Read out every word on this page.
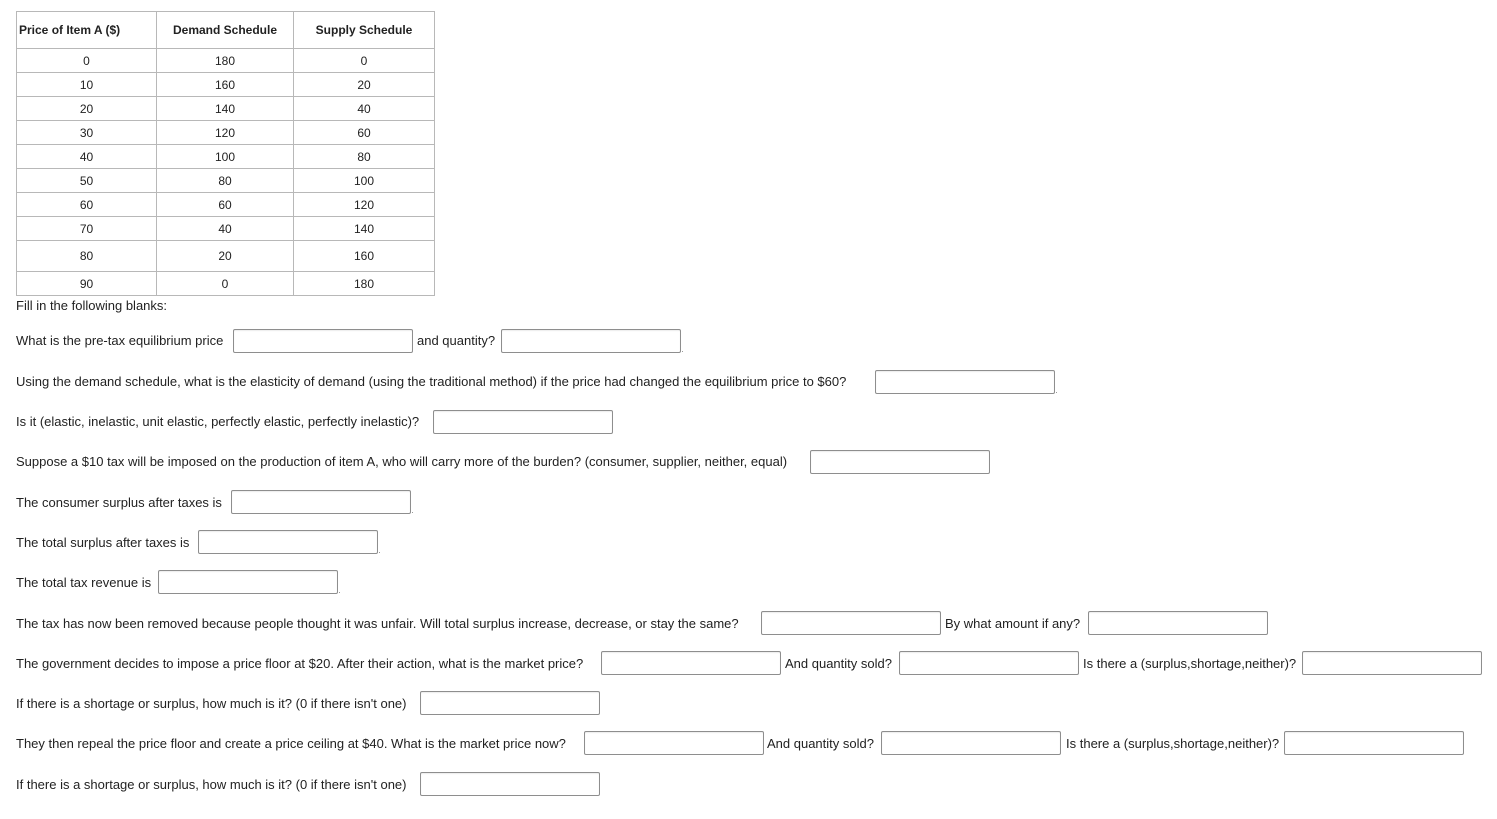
Price of Item A ($)	Demand Schedule	Supply Schedule
0	180	0
10	160	20
20	140	40
30	120	60
40	100	80
50	80	100
60	60	120
70	40	140
80	20	160
90	0	180
Fill in the following blanks:
What is the pre-tax equilibrium price	and quantity?
Using the demand schedule, what is the elasticity of demand (using the traditional method) if the price had changed the equilibrium price to $60?
Is it (elastic, inelastic, unit elastic, perfectly elastic, perfectly inelastic)?
Suppose a $10 tax will be imposed on the production of item A, who will carry more of the burden? (consumer, supplier, neither, equal)
The consumer surplus after taxes is
The total surplus after taxes is
The total tax revenue is
The tax has now been removed because people thought it was unfair. Will total surplus increase, decrease, or stay the same?	By what amount if any?
The government decides to impose a price floor at $20. After their action, what is the market price?	And quantity sold?	Is there a (surplus,shortage,neither)?
If there is a shortage or surplus, how much is it? (0 if there isn't one)
They then repeal the price floor and create a price ceiling at $40. What is the market price now?	And quantity sold?	Is there a (surplus,shortage,neither)?
If there is a shortage or surplus, how much is it? (0 if there isn't one)
